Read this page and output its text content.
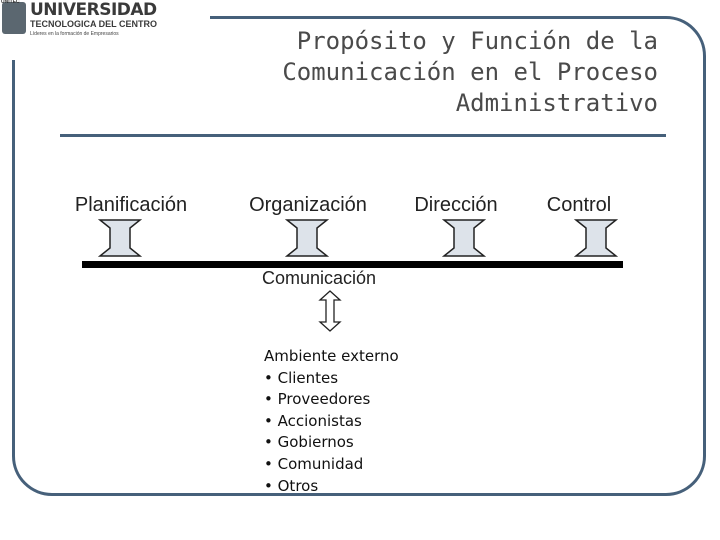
UNITEC UNIVERSIDAD
TECNOLOGICA DEL CENTRO
Líderes en la formación de Empresarios	Propósito y Función de la Comunicación en el Proceso Administrativo
Planificación	Organización Dirección Control
Comunicación
Ambiente externo
• Clientes
• Proveedores
• Accionistas
• Gobiernos
• Comunidad
• Otros
